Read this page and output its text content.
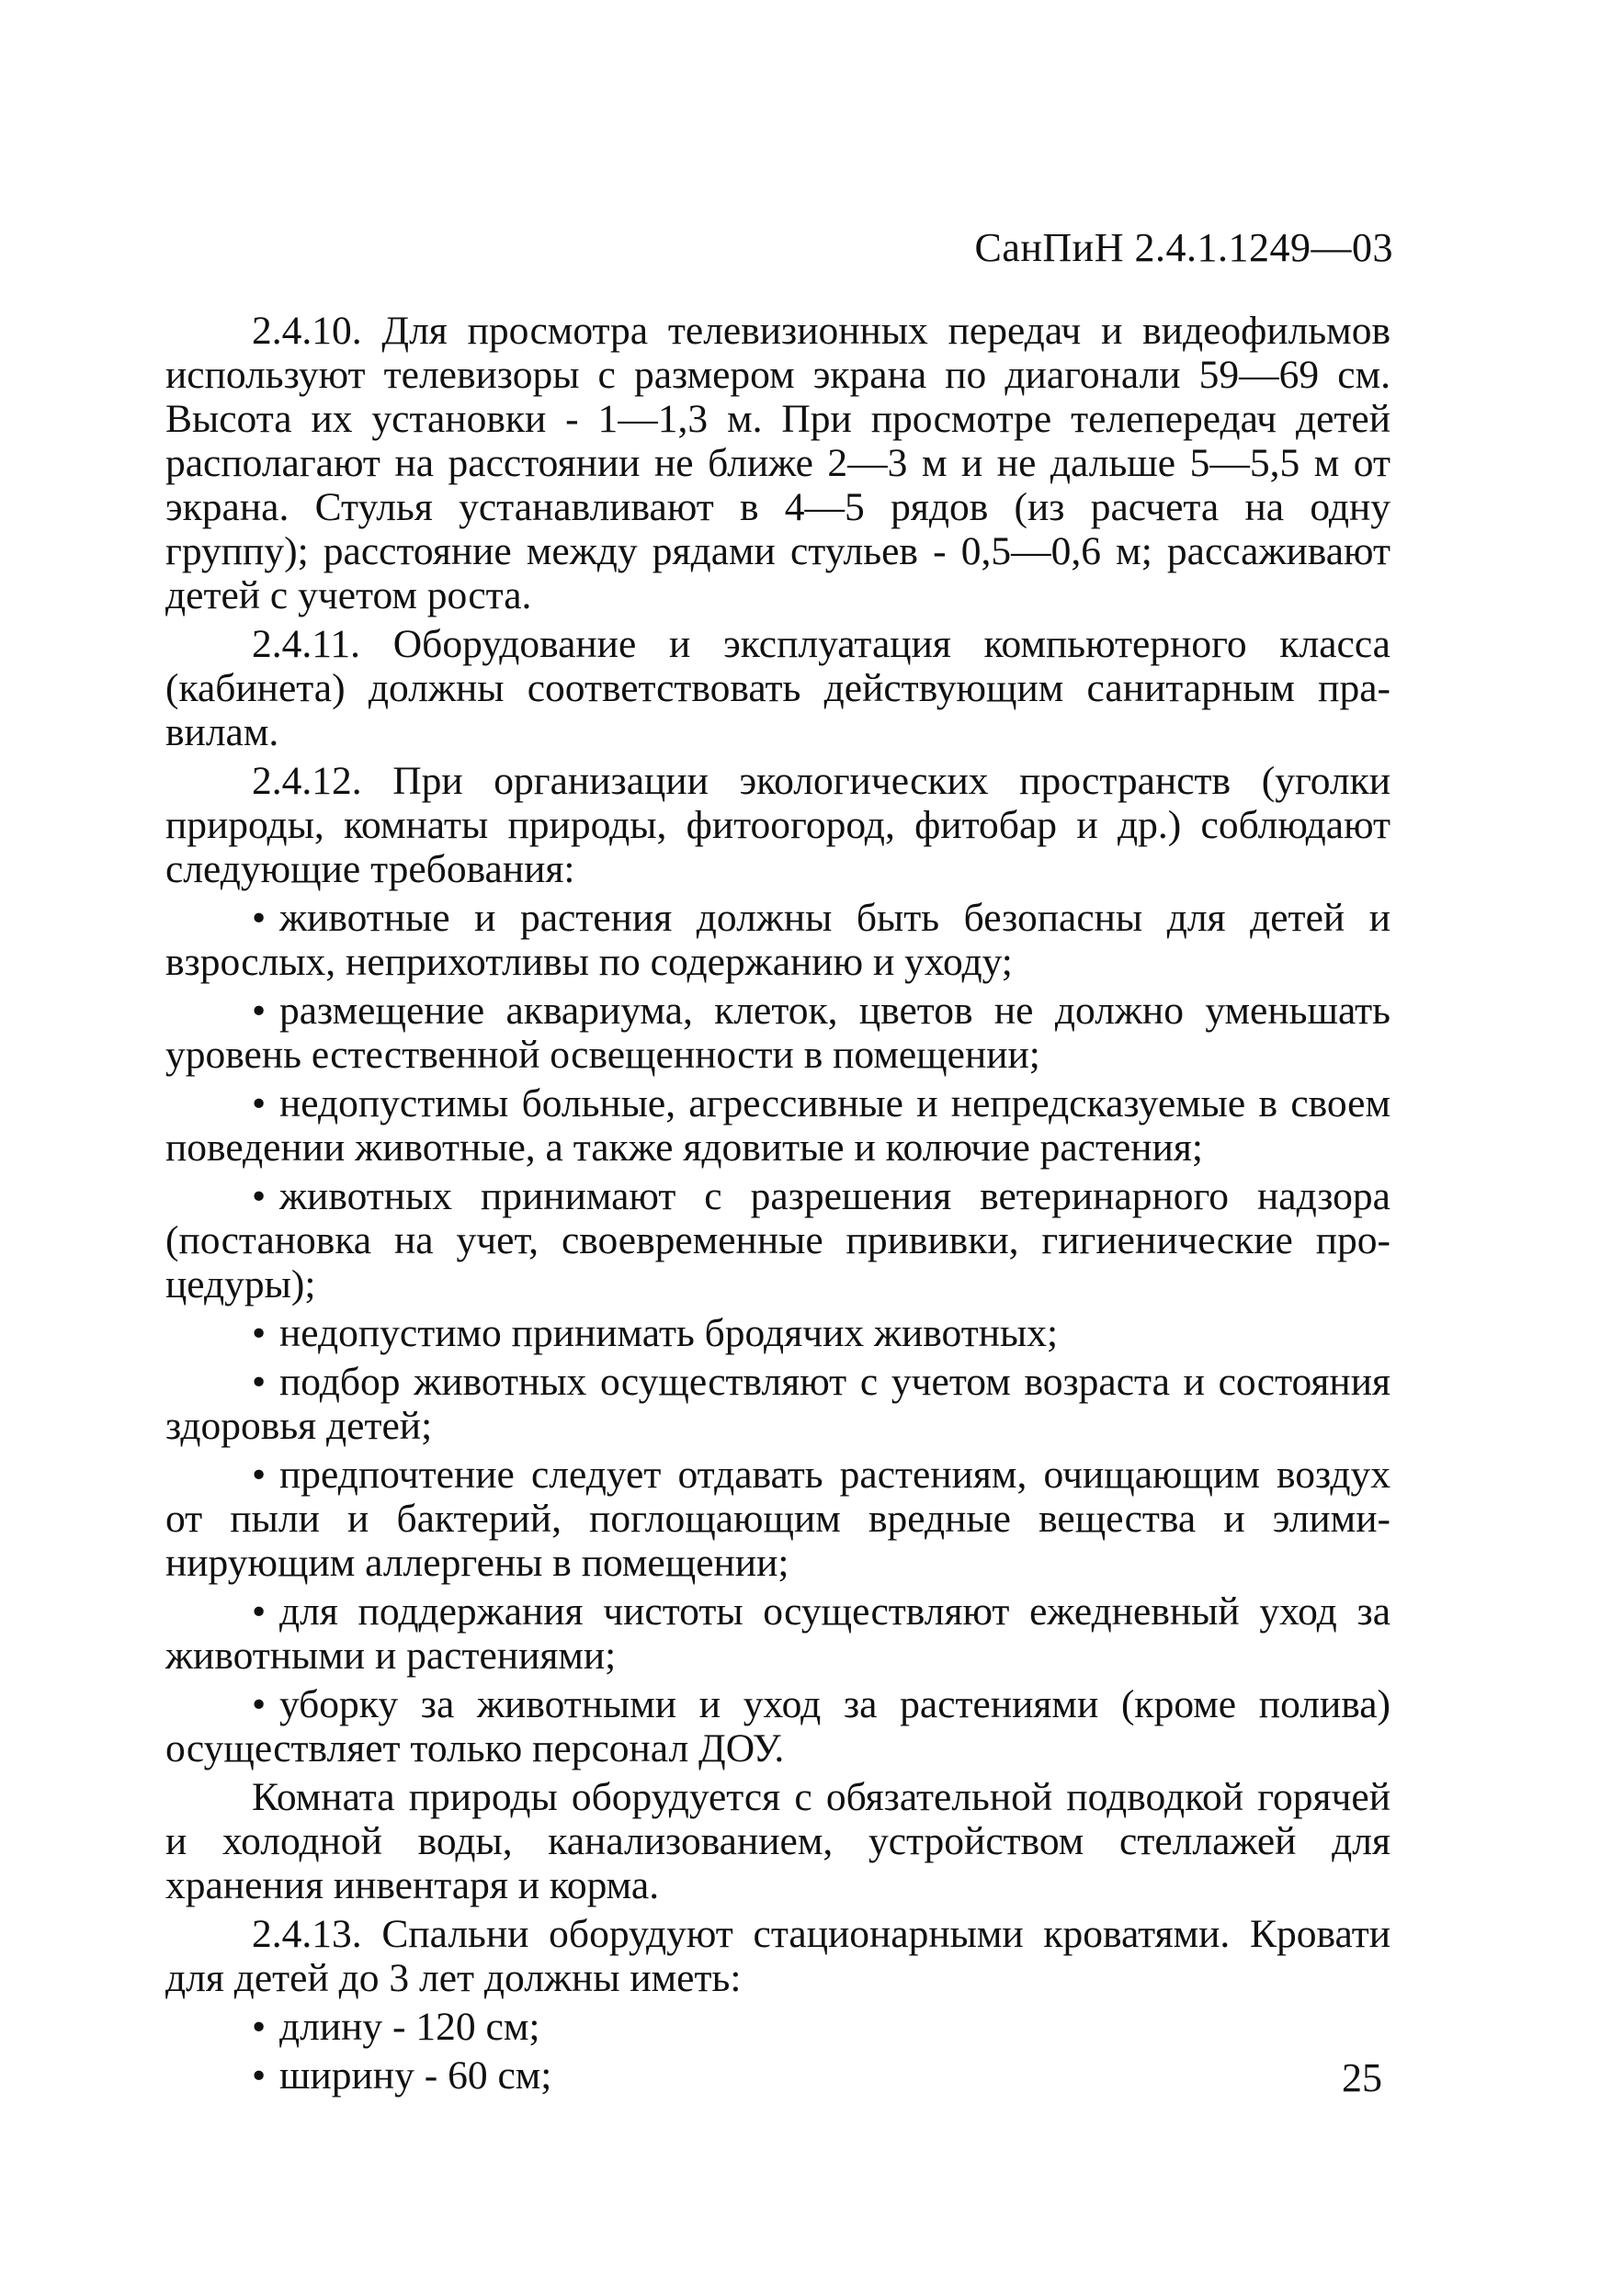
СанПиН 2.4.1.1249—03

2.4.10. Для просмотра телевизионных передач и видеофильмов используют телевизоры с размером экрана по диагонали 59—69 см. Высота их установки - 1—1,3 м. При просмотре телепередач детей располагают на расстоянии не ближе 2—3 м и не дальше 5—5,5 м от экрана. Стулья устанавливают в 4—5 рядов (из расчета на одну группу); расстояние между рядами стульев - 0,5—0,6 м; рассаживают детей с учетом роста.

2.4.11. Оборудование и эксплуатация компьютерного класса (кабинета) должны соответствовать действующим санитарным правилам.

2.4.12. При организации экологических пространств (уголки природы, комнаты природы, фитоогород, фитобар и др.) соблюдают следующие требования:

• животные и растения должны быть безопасны для детей и взрослых, неприхотливы по содержанию и уходу;

• размещение аквариума, клеток, цветов не должно уменьшать уровень естественной освещенности в помещении;

• недопустимы больные, агрессивные и непредсказуемые в своем поведении животные, а также ядовитые и колючие растения;

• животных принимают с разрешения ветеринарного надзора (постановка на учет, своевременные прививки, гигиенические процедуры);

• недопустимо принимать бродячих животных;

• подбор животных осуществляют с учетом возраста и состояния здоровья детей;

• предпочтение следует отдавать растениям, очищающим воздух от пыли и бактерий, поглощающим вредные вещества и элиминирующим аллергены в помещении;

• для поддержания чистоты осуществляют ежедневный уход за животными и растениями;

• уборку за животными и уход за растениями (кроме полива) осуществляет только персонал ДОУ.

Комната природы оборудуется с обязательной подводкой горячей и холодной воды, канализованием, устройством стеллажей для хранения инвентаря и корма.

2.4.13. Спальни оборудуют стационарными кроватями. Кровати для детей до 3 лет должны иметь:

• длину - 120 см;

• ширину - 60 см;	25
